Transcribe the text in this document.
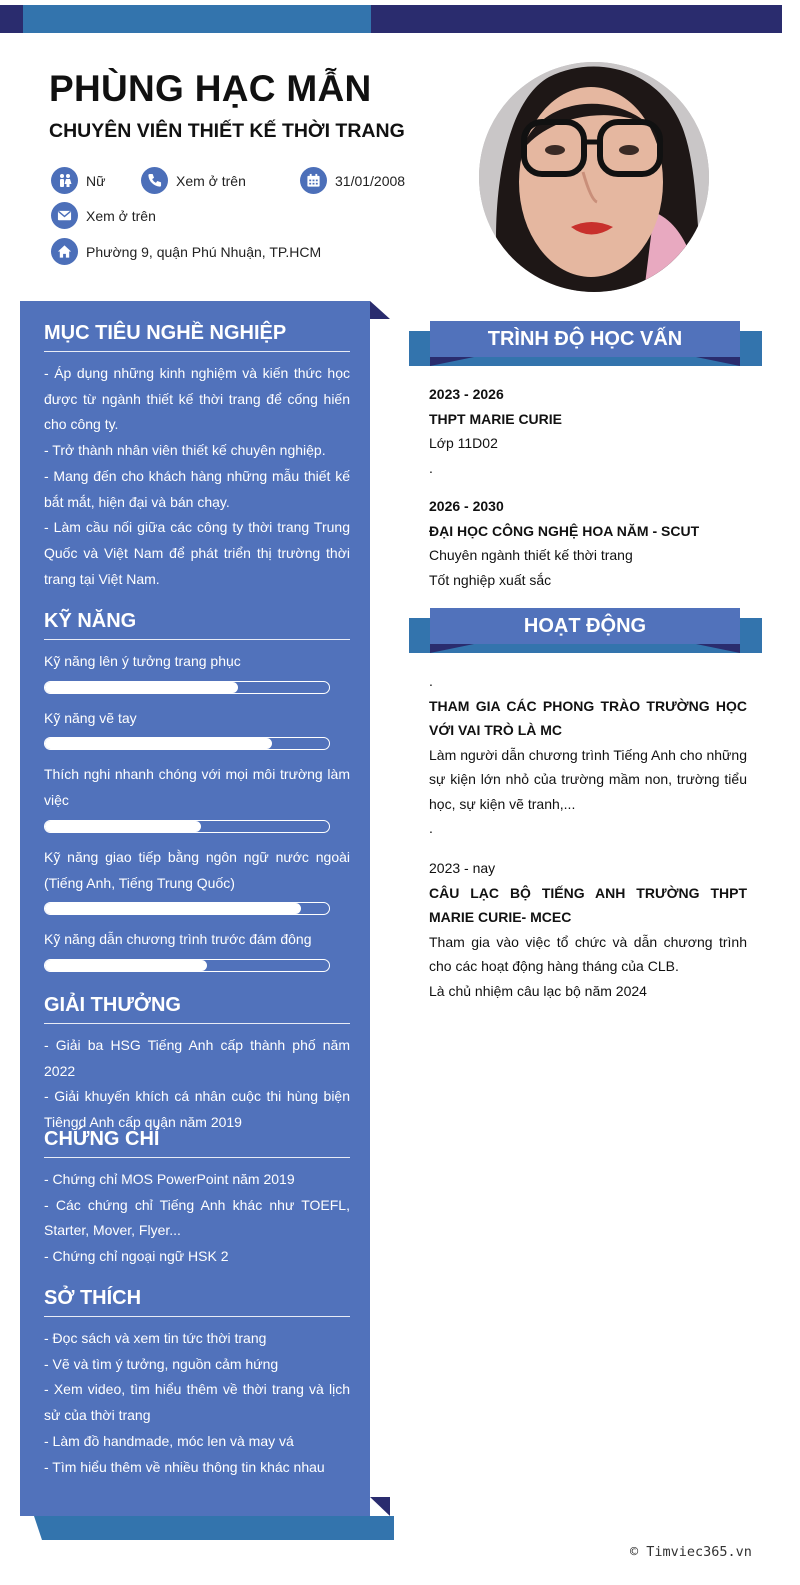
PHÙNG HẠC MẪN
CHUYÊN VIÊN THIẾT KẾ THỜI TRANG
Nữ	Xem ở trên	31/01/2008
Xem ở trên
Phường 9, quận Phú Nhuận, TP.HCM
MỤC TIÊU NGHỀ NGHIỆP

- Áp dụng những kinh nghiệm và kiến thức học được từ ngành thiết kế thời trang để cống hiến cho công ty.

- Trở thành nhân viên thiết kế chuyên nghiệp.

- Mang đến cho khách hàng những mẫu thiết kế bắt mắt, hiện đại và bán chạy.

- Làm cầu nối giữa các công ty thời trang Trung Quốc và Việt Nam để phát triển thị trường thời trang tại Việt Nam.

KỸ NĂNG

Kỹ năng lên ý tưởng trang phục

Kỹ năng vẽ tay

Thích nghi nhanh chóng với mọi môi trường làm việc

Kỹ năng giao tiếp bằng ngôn ngữ nước ngoài (Tiếng Anh, Tiếng Trung Quốc)

Kỹ năng dẫn chương trình trước đám đông

GIẢI THƯỞNG

- Giải ba HSG Tiếng Anh cấp thành phố năm 2022

- Giải khuyến khích cá nhân cuộc thi hùng biện Tiêngd Anh cấp quận năm 2019

CHỨNG CHỈ

- Chứng chỉ MOS PowerPoint năm 2019

- Các chứng chỉ Tiếng Anh khác như TOEFL, Starter, Mover, Flyer...

- Chứng chỉ ngoại ngữ HSK 2

SỞ THÍCH

- Đọc sách và xem tin tức thời trang

- Vẽ và tìm ý tưởng, nguồn cảm hứng

- Xem video, tìm hiểu thêm về thời trang và lịch sử của thời trang

- Làm đồ handmade, móc len và may vá

- Tìm hiểu thêm về nhiều thông tin khác nhau

TRÌNH ĐỘ HỌC VẤN

2023 - 2026

THPT MARIE CURIE

Lớp 11D02

.

2026 - 2030

ĐẠI HỌC CÔNG NGHỆ HOA NĂM - SCUT

Chuyên ngành thiết kế thời trang

Tốt nghiệp xuất sắc

HOẠT ĐỘNG

.

THAM GIA CÁC PHONG TRÀO TRƯỜNG HỌC VỚI VAI TRÒ LÀ MC

Làm người dẫn chương trình Tiếng Anh cho những sự kiện lớn nhỏ của trường mầm non, trường tiểu học, sự kiện vẽ tranh,...

.

2023 - nay

CÂU LẠC BỘ TIẾNG ANH TRƯỜNG THPT MARIE CURIE- MCEC

Tham gia vào việc tổ chức và dẫn chương trình cho các hoạt động hàng tháng của CLB.

Là chủ nhiệm câu lạc bộ năm 2024

© Timviec365.vn
